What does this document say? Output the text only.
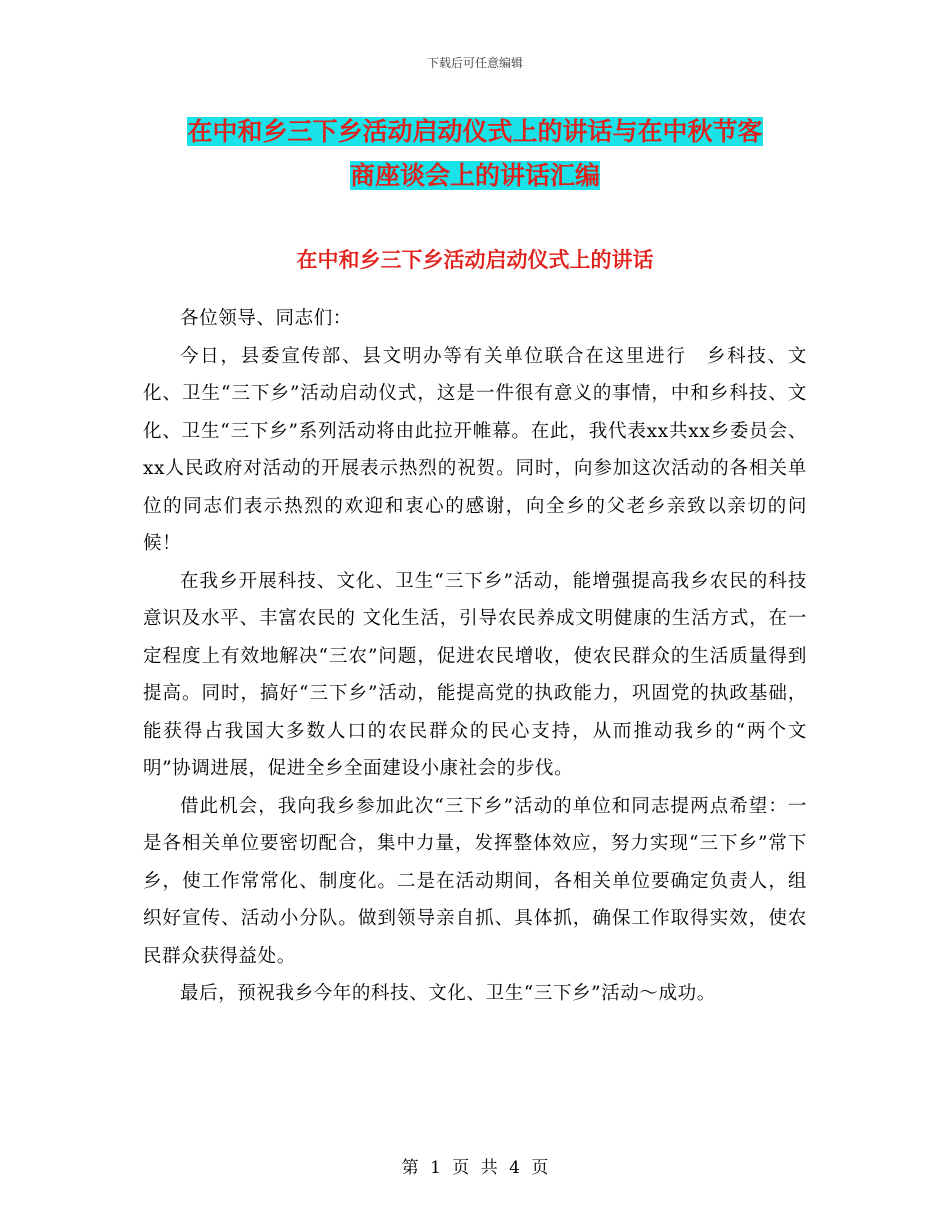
下载后可任意编辑
在中和乡三下乡活动启动仪式上的讲话与在中秋节客
商座谈会上的讲话汇编
在中和乡三下乡活动启动仪式上的讲话

各位领导、同志们：

今日，县委宣传部、县文明办等有关单位联合在这里进行　乡科技、文化、卫生“三下乡”活动启动仪式，这是一件很有意义的事情，中和乡科技、文化、卫生“三下乡”系列活动将由此拉开帷幕。在此，我代表xx共xx乡委员会、xx人民政府对活动的开展表示热烈的祝贺。同时，向参加这次活动的各相关单位的同志们表示热烈的欢迎和衷心的感谢，向全乡的父老乡亲致以亲切的问候！

在我乡开展科技、文化、卫生“三下乡”活动，能增强提高我乡农民的科技意识及水平、丰富农民的 文化生活，引导农民养成文明健康的生活方式，在一定程度上有效地解决“三农”问题，促进农民增收，使农民群众的生活质量得到提高。同时，搞好“三下乡”活动，能提高党的执政能力，巩固党的执政基础，能获得占我国大多数人口的农民群众的民心支持，从而推动我乡的“两个文明”协调进展，促进全乡全面建设小康社会的步伐。

借此机会，我向我乡参加此次“三下乡”活动的单位和同志提两点希望：一是各相关单位要密切配合，集中力量，发挥整体效应，努力实现“三下乡”常下乡，使工作常常化、制度化。二是在活动期间，各相关单位要确定负责人，组织好宣传、活动小分队。做到领导亲自抓、具体抓，确保工作取得实效，使农民群众获得益处。

最后，预祝我乡今年的科技、文化、卫生“三下乡”活动～成功。

第 1 页 共 4 页
